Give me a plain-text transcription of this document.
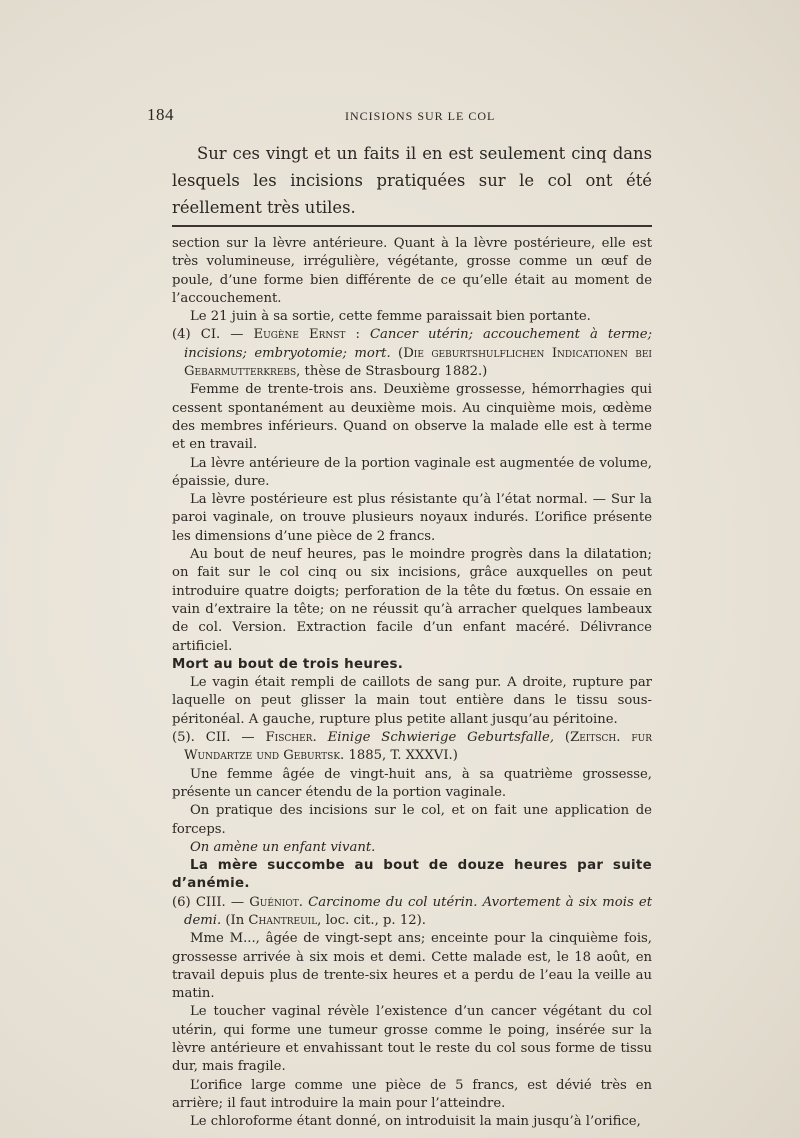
184	INCISIONS SUR LE COL

Sur ces vingt et un faits il en est seulement cinq dans lesquels les incisions pratiquées sur le col ont été réellement très utiles.

section sur la lèvre antérieure. Quant à la lèvre postérieure, elle est très volumineuse, irrégulière, végétante, grosse comme un œuf de poule, d’une forme bien différente de ce qu’elle était au moment de l’accouchement.

Le 21 juin à sa sortie, cette femme paraissait bien portante.

(4) CI. — Eugène Ernst : Cancer utérin; accouchement à terme; incisions; embryotomie; mort. (Die geburtshulflichen Indicationen bei Gebarmutterkrebs, thèse de Strasbourg 1882.)

Femme de trente-trois ans. Deuxième grossesse, hémorrhagies qui cessent spontanément au deuxième mois. Au cinquième mois, œdème des membres inférieurs. Quand on observe la malade elle est à terme et en travail.

La lèvre antérieure de la portion vaginale est augmentée de volume, épaissie, dure.

La lèvre postérieure est plus résistante qu’à l’état normal. — Sur la paroi vaginale, on trouve plusieurs noyaux indurés. L’orifice présente les dimensions d’une pièce de 2 francs.

Au bout de neuf heures, pas le moindre progrès dans la dilatation; on fait sur le col cinq ou six incisions, grâce auxquelles on peut introduire quatre doigts; perforation de la tête du fœtus. On essaie en vain d’extraire la tête; on ne réussit qu’à arracher quelques lambeaux de col. Version. Extraction facile d’un enfant macéré. Délivrance artificiel.

Mort au bout de trois heures.

Le vagin était rempli de caillots de sang pur. A droite, rupture par laquelle on peut glisser la main tout entière dans le tissu sous-péritonéal. A gauche, rupture plus petite allant jusqu’au péritoine.

(5). CII. — Fischer. Einige Schwierige Geburtsfalle, (Zeitsch. fur Wundartze und Geburtsk. 1885, T. XXXVI.)

Une femme âgée de vingt-huit ans, à sa quatrième grossesse, présente un cancer étendu de la portion vaginale.

On pratique des incisions sur le col, et on fait une application de forceps.

On amène un enfant vivant.

La mère succombe au bout de douze heures par suite d’anémie.

(6) CIII. — Guéniot. Carcinome du col utérin. Avortement à six mois et demi. (In Chantreuil, loc. cit., p. 12).

Mme M..., âgée de vingt-sept ans; enceinte pour la cinquième fois, grossesse arrivée à six mois et demi. Cette malade est, le 18 août, en travail depuis plus de trente-six heures et a perdu de l’eau la veille au matin.

Le toucher vaginal révèle l’existence d’un cancer végétant du col utérin, qui forme une tumeur grosse comme le poing, insérée sur la lèvre antérieure et envahissant tout le reste du col sous forme de tissu dur, mais fragile.

L’orifice large comme une pièce de 5 francs, est dévié très en arrière; il faut introduire la main pour l’atteindre.

Le chloroforme étant donné, on introduisit la main jusqu’à l’orifice,
